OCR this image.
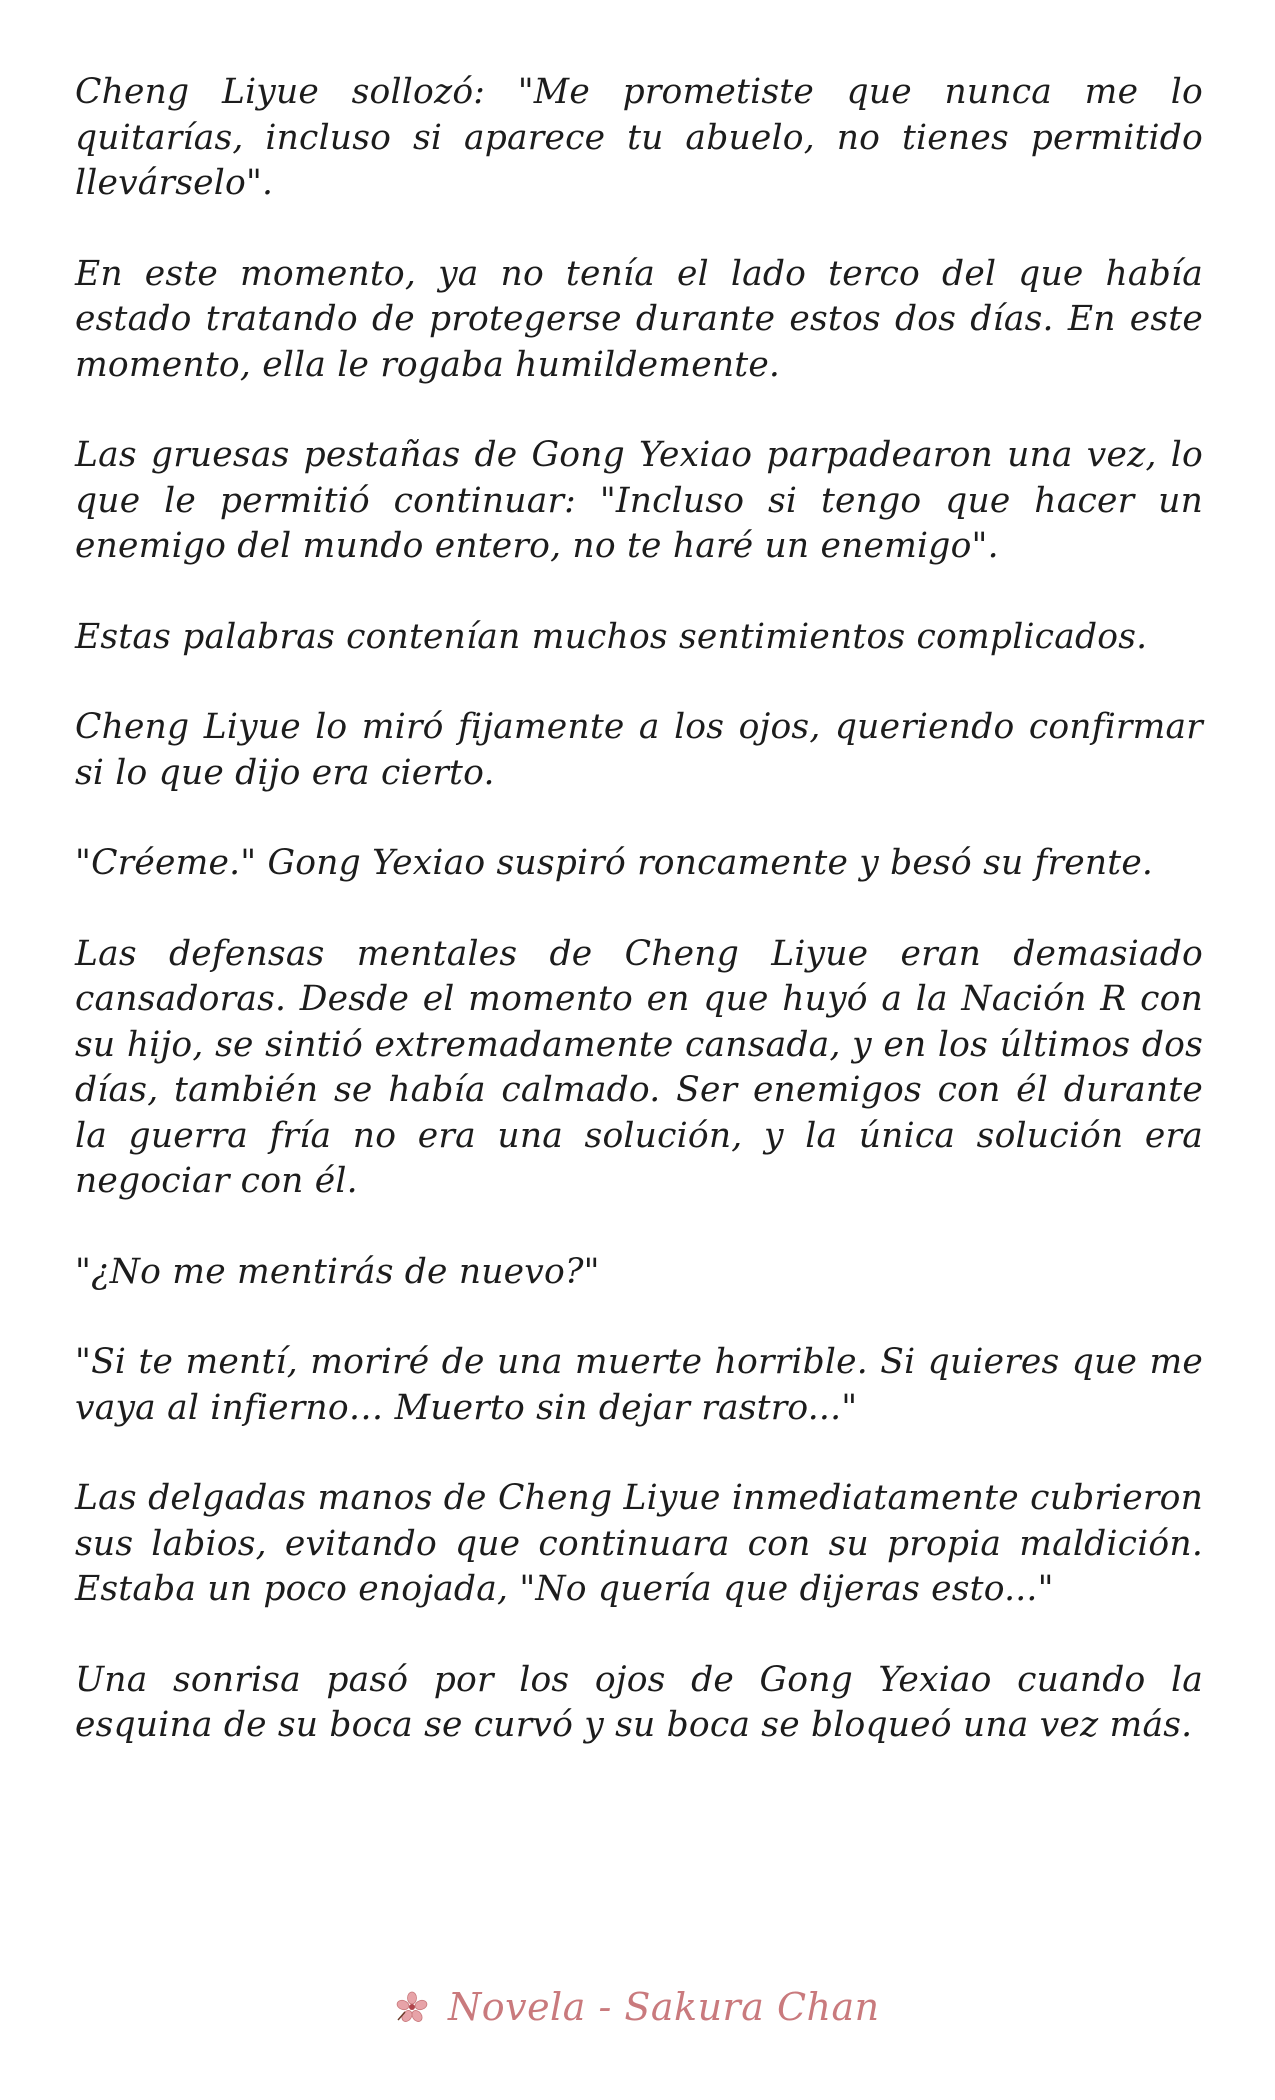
Cheng Liyue sollozó: "Me prometiste que nunca me lo quitarías, incluso si aparece tu abuelo, no tienes permitido llevárselo".

En este momento, ya no tenía el lado terco del que había estado tratando de protegerse durante estos dos días. En este momento, ella le rogaba humildemente.

Las gruesas pestañas de Gong Yexiao parpadearon una vez, lo que le permitió continuar: "Incluso si tengo que hacer un enemigo del mundo entero, no te haré un enemigo".

Estas palabras contenían muchos sentimientos complicados.

Cheng Liyue lo miró fijamente a los ojos, queriendo confirmar si lo que dijo era cierto.

"Créeme." Gong Yexiao suspiró roncamente y besó su frente.

Las defensas mentales de Cheng Liyue eran demasiado cansadoras. Desde el momento en que huyó a la Nación R con su hijo, se sintió extremadamente cansada, y en los últimos dos días, también se había calmado. Ser enemigos con él durante la guerra fría no era una solución, y la única solución era negociar con él.

"¿No me mentirás de nuevo?"

"Si te mentí, moriré de una muerte horrible. Si quieres que me vaya al infierno… Muerto sin dejar rastro..."

Las delgadas manos de Cheng Liyue inmediatamente cubrieron sus labios, evitando que continuara con su propia maldición. Estaba un poco enojada, "No quería que dijeras esto..."

Una sonrisa pasó por los ojos de Gong Yexiao cuando la esquina de su boca se curvó y su boca se bloqueó una vez más.

Novela - Sakura Chan
